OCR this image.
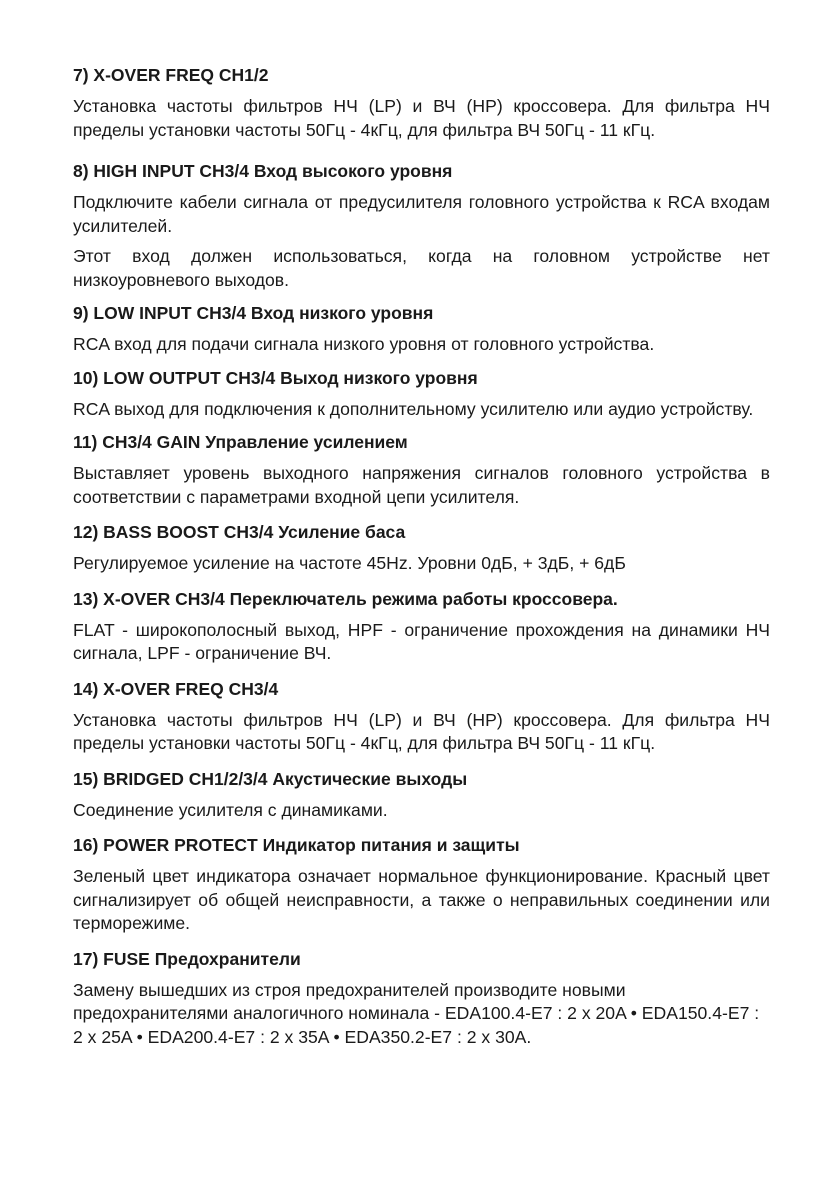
7) X-OVER FREQ CH1/2
Установка частоты фильтров НЧ (LP) и ВЧ (HP) кроссовера. Для фильтра НЧ пределы установки частоты 50Гц - 4кГц, для фильтра ВЧ 50Гц - 11 кГц.
8) HIGH INPUT CH3/4 Вход высокого уровня
Подключите кабели сигнала от предусилителя головного устройства к RCA входам усилителей.
Этот вход должен использоваться, когда на головном устройстве нет низкоуровневого выходов.
9) LOW INPUT CH3/4 Вход низкого уровня
RCA вход для подачи сигнала низкого уровня от головного устройства.
10) LOW OUTPUT CH3/4 Выход низкого уровня
RCA выход для подключения к дополнительному усилителю или аудио устройству.
11) CH3/4 GAIN Управление усилением
Выставляет уровень выходного напряжения сигналов головного устройства в соответствии с параметрами входной цепи усилителя.
12) BASS BOOST CH3/4 Усиление баса
Регулируемое усиление на частоте 45Hz. Уровни 0дБ, + 3дБ, + 6дБ
13) X-OVER CH3/4 Переключатель режима работы кроссовера.
FLAT - широкополосный выход, HPF - ограничение прохождения на динамики НЧ сигнала, LPF - ограничение ВЧ.
14) X-OVER FREQ CH3/4
Установка частоты фильтров НЧ (LP) и ВЧ (HP) кроссовера. Для фильтра НЧ пределы установки частоты 50Гц - 4кГц, для фильтра ВЧ 50Гц - 11 кГц.
15) BRIDGED CH1/2/3/4 Акустические выходы
Соединение усилителя с динамиками.
16) POWER PROTECT Индикатор питания и защиты
Зеленый цвет индикатора означает нормальное функционирование. Красный цвет сигнализирует об общей неисправности, а также о неправильных соединении или терморежиме.
17) FUSE Предохранители
Замену вышедших из строя предохранителей производите новыми предохранителями аналогичного номинала - EDA100.4-E7 : 2 x 20A • EDA150.4-E7 : 2 x 25A • EDA200.4-E7 : 2 x 35A • EDA350.2-E7 : 2 x 30A.
